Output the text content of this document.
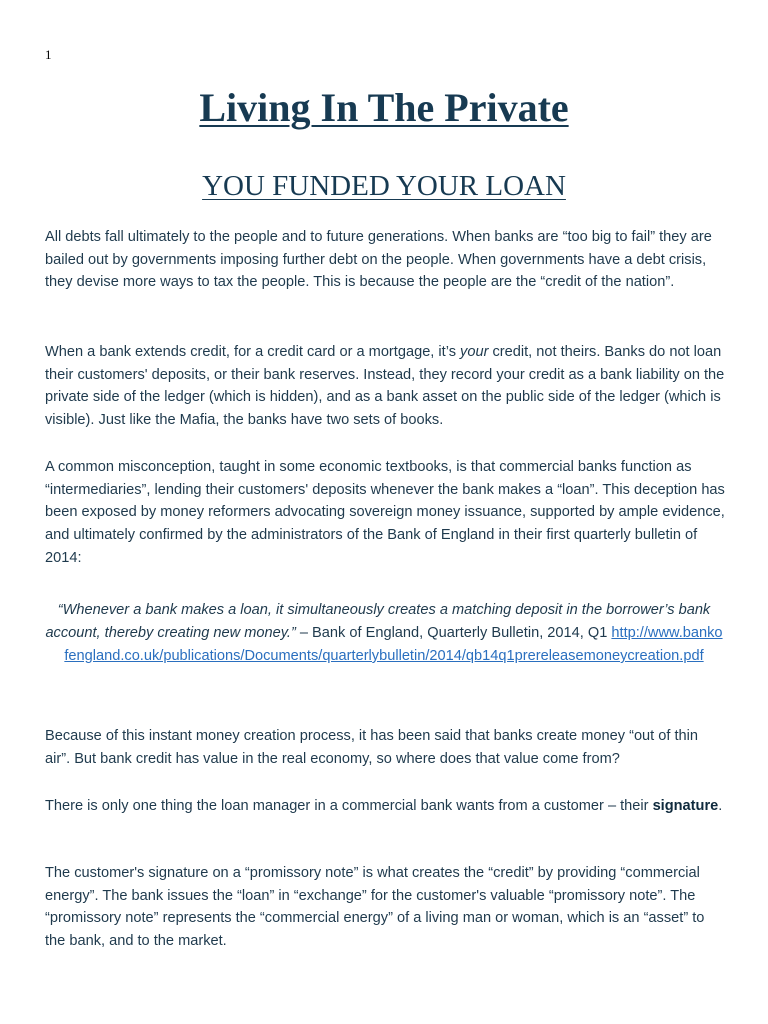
1
Living In The Private
YOU FUNDED YOUR LOAN

All debts fall ultimately to the people and to future generations. When banks are “too big to fail” they are bailed out by governments imposing further debt on the people. When governments have a debt crisis, they devise more ways to tax the people. This is because the people are the “credit of the nation”.

When a bank extends credit, for a credit card or a mortgage, it’s your credit, not theirs. Banks do not loan their customers' deposits, or their bank reserves. Instead, they record your credit as a bank liability on the private side of the ledger (which is hidden), and as a bank asset on the public side of the ledger (which is visible). Just like the Mafia, the banks have two sets of books.

A common misconception, taught in some economic textbooks, is that commercial banks function as “intermediaries”, lending their customers' deposits whenever the bank makes a “loan”. This deception has been exposed by money reformers advocating sovereign money issuance, supported by ample evidence, and ultimately confirmed by the administrators of the Bank of England in their first quarterly bulletin of 2014:

“Whenever a bank makes a loan, it simultaneously creates a matching deposit in the borrower’s bank account, thereby creating new money.” – Bank of England, Quarterly Bulletin, 2014, Q1 http://www.bankofengland.co.uk/publications/Documents/quarterlybulletin/2014/qb14q1prereleasemoneycreation.pdf

Because of this instant money creation process, it has been said that banks create money “out of thin air”. But bank credit has value in the real economy, so where does that value come from?

There is only one thing the loan manager in a commercial bank wants from a customer – their signature.

The customer's signature on a “promissory note” is what creates the “credit” by providing “commercial energy”. The bank issues the “loan” in “exchange” for the customer's valuable “promissory note”. The “promissory note” represents the “commercial energy” of a living man or woman, which is an “asset” to the bank, and to the market.
